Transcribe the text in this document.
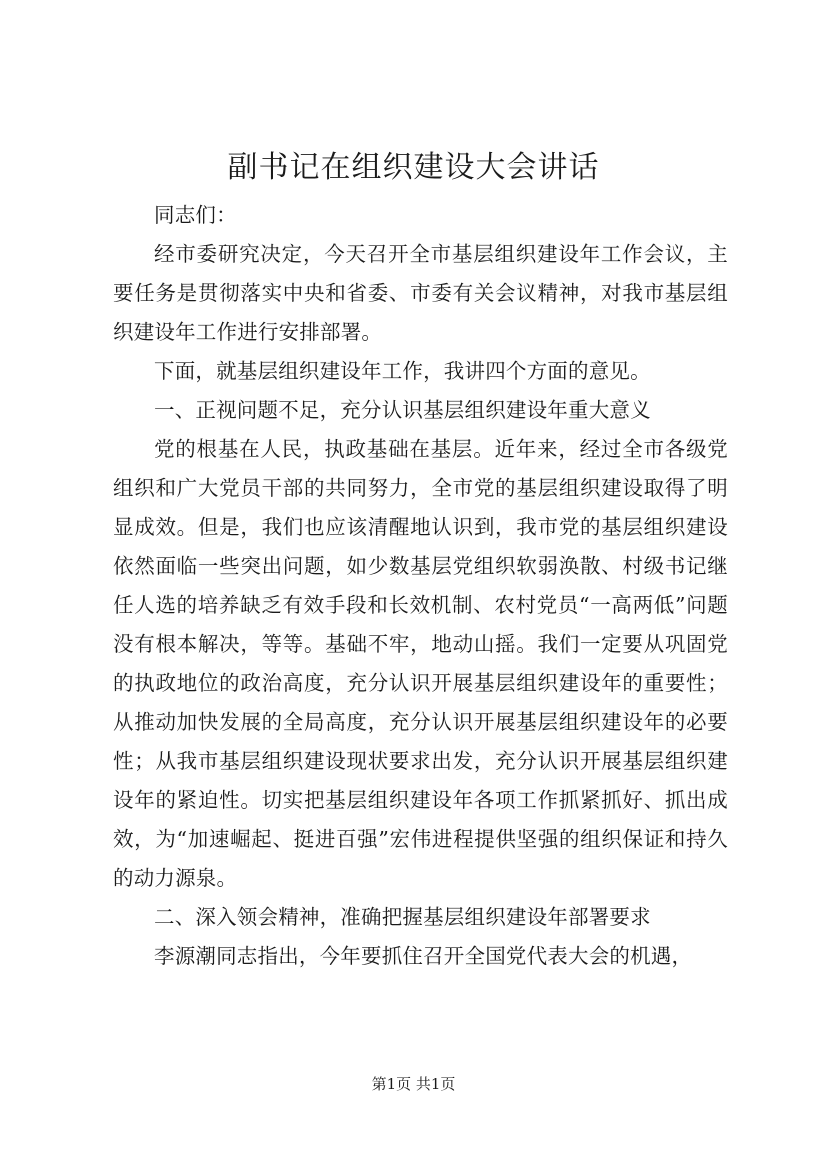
副书记在组织建设大会讲话

同志们：

经市委研究决定，今天召开全市基层组织建设年工作会议，主要任务是贯彻落实中央和省委、市委有关会议精神，对我市基层组织建设年工作进行安排部署。

下面，就基层组织建设年工作，我讲四个方面的意见。

一、正视问题不足，充分认识基层组织建设年重大意义

党的根基在人民，执政基础在基层。近年来，经过全市各级党组织和广大党员干部的共同努力，全市党的基层组织建设取得了明显成效。但是，我们也应该清醒地认识到，我市党的基层组织建设依然面临一些突出问题，如少数基层党组织软弱涣散、村级书记继任人选的培养缺乏有效手段和长效机制、农村党员“一高两低”问题没有根本解决，等等。基础不牢，地动山摇。我们一定要从巩固党的执政地位的政治高度，充分认识开展基层组织建设年的重要性；从推动加快发展的全局高度，充分认识开展基层组织建设年的必要性；从我市基层组织建设现状要求出发，充分认识开展基层组织建设年的紧迫性。切实把基层组织建设年各项工作抓紧抓好、抓出成效，为“加速崛起、挺进百强”宏伟进程提供坚强的组织保证和持久的动力源泉。

二、深入领会精神，准确把握基层组织建设年部署要求

李源潮同志指出，今年要抓住召开全国党代表大会的机遇，

第1页 共1页
